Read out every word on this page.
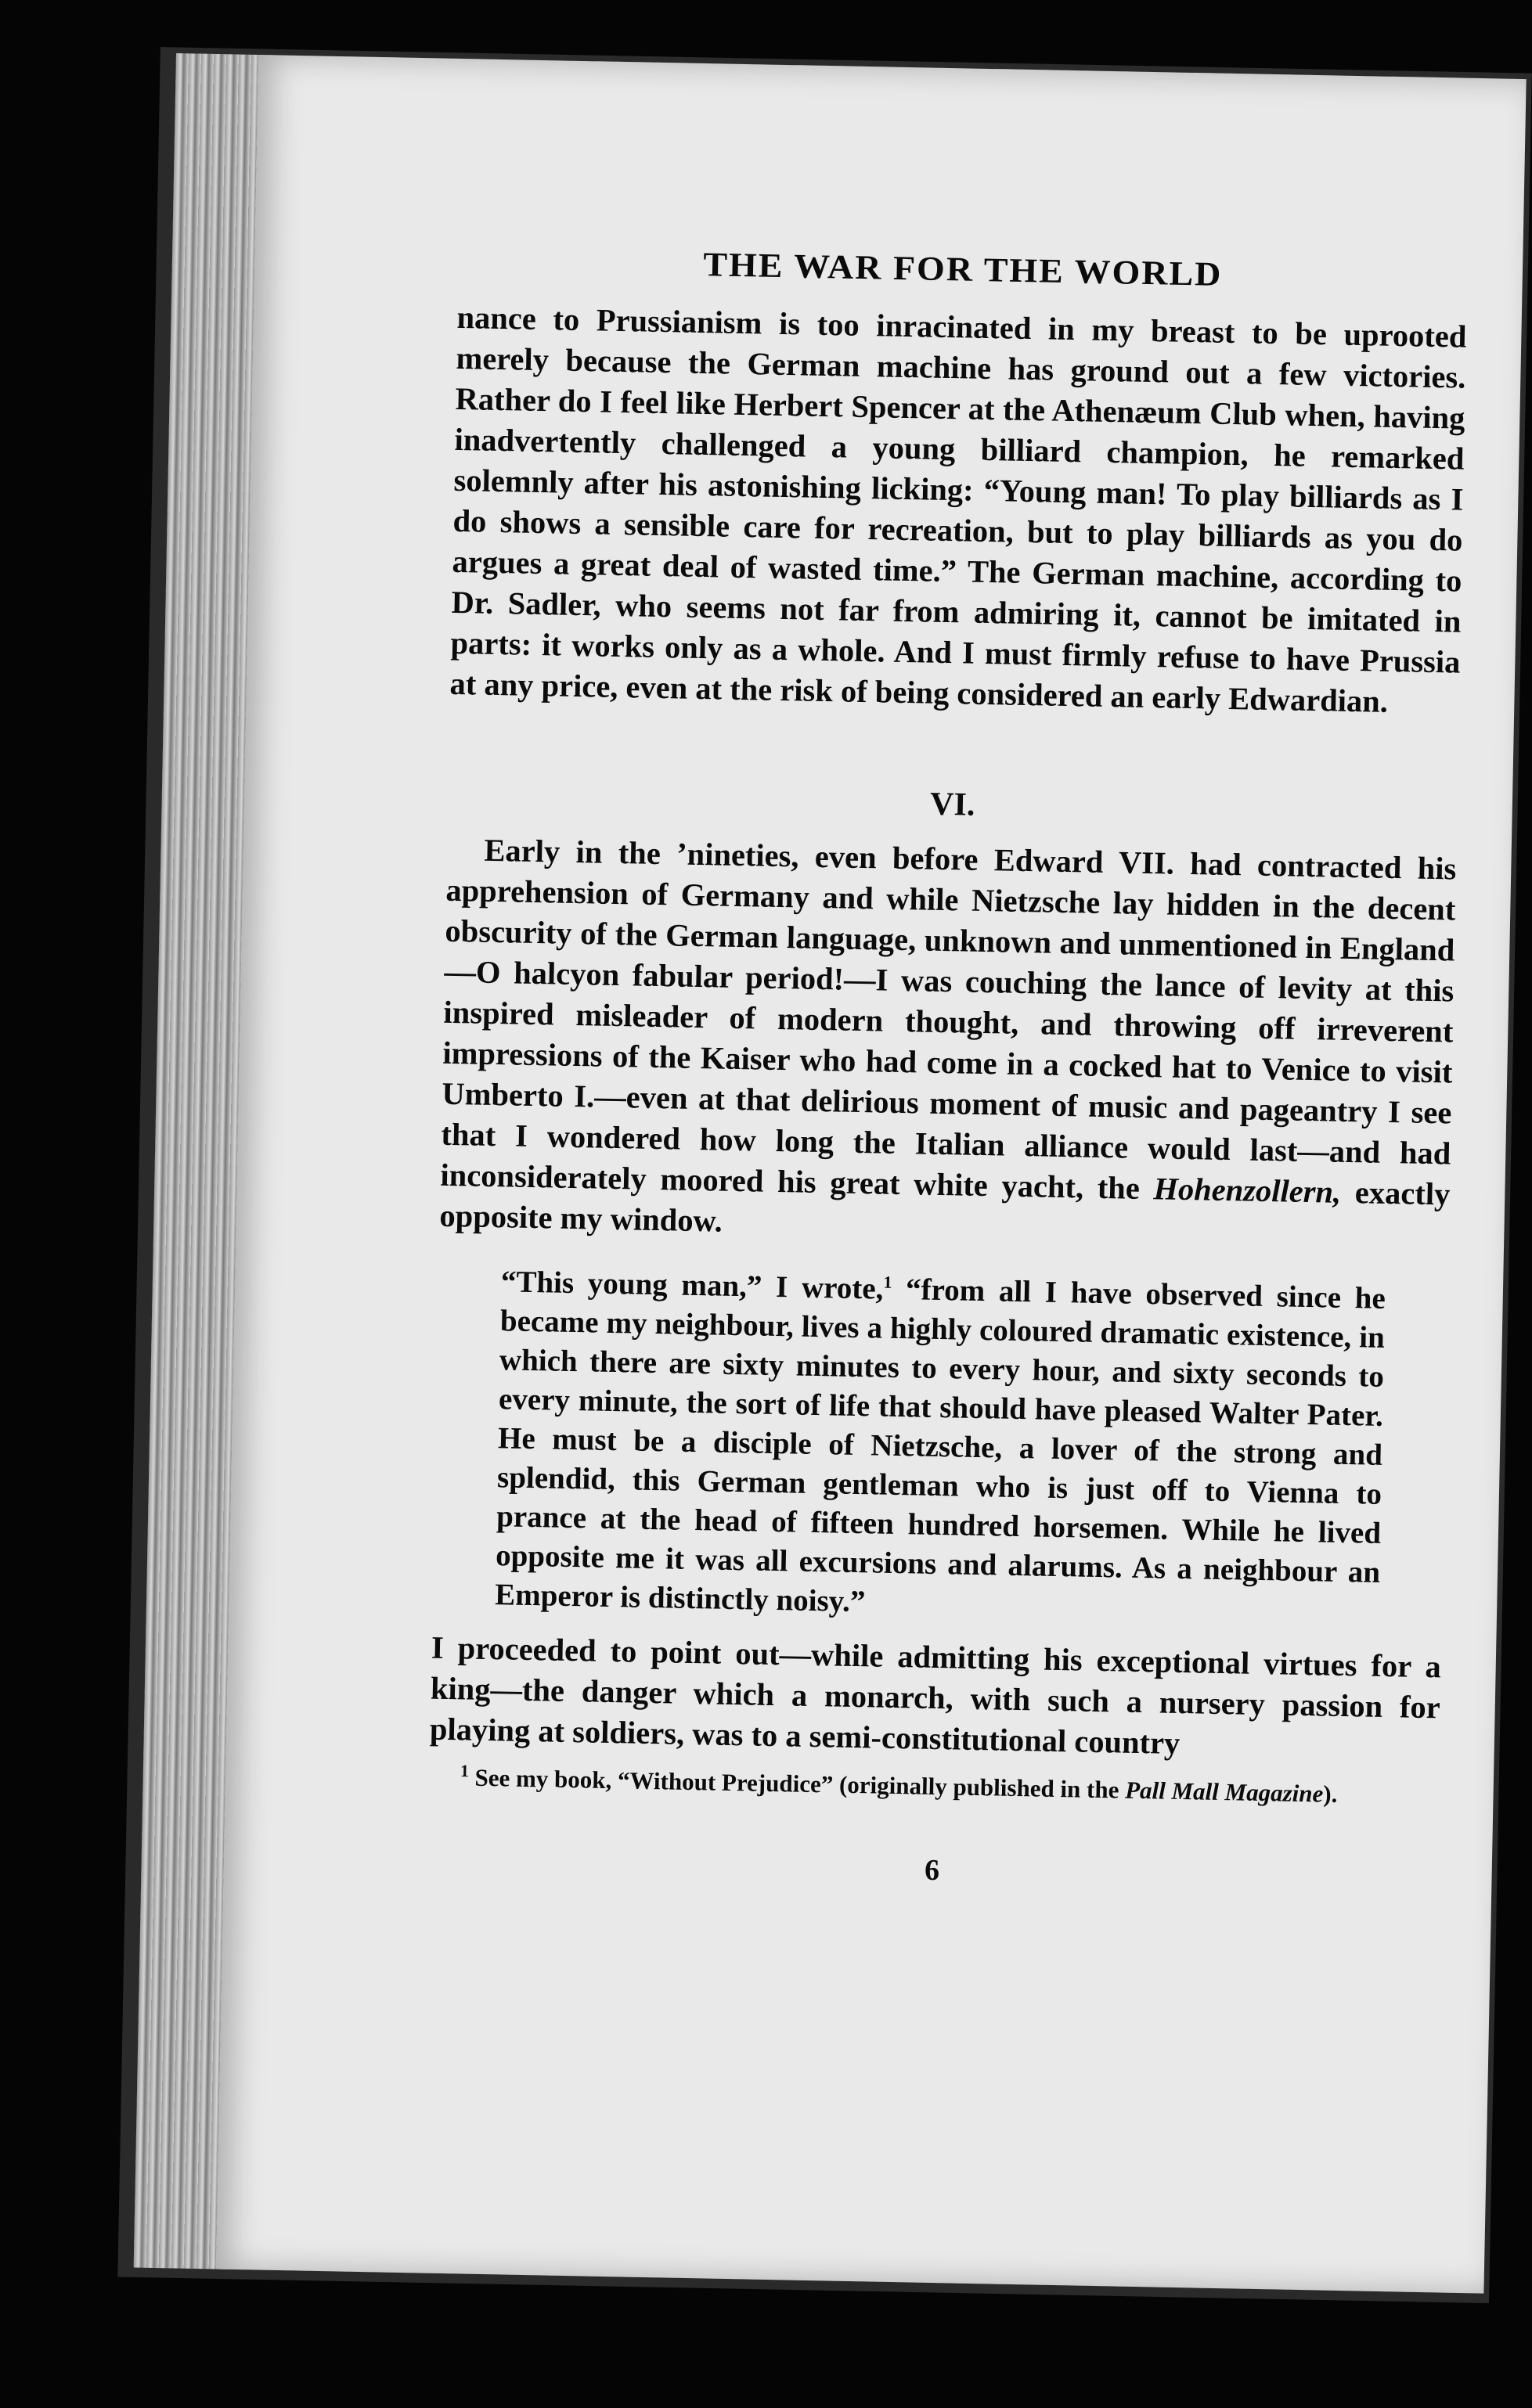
THE WAR FOR THE WORLD

nance to Prussianism is too inracinated in my breast to be uprooted merely because the German machine has ground out a few victories. Rather do I feel like Herbert Spencer at the Athenæum Club when, having inadvertently challenged a young billiard champion, he remarked solemnly after his astonishing licking: “Young man! To play billiards as I do shows a sensible care for recreation, but to play billiards as you do argues a great deal of wasted time.” The German machine, according to Dr. Sadler, who seems not far from admiring it, cannot be imitated in parts: it works only as a whole. And I must firmly refuse to have Prussia at any price, even at the risk of being considered an early Edwardian.

VI.

Early in the ’nineties, even before Edward VII. had contracted his apprehension of Germany and while Nietzsche lay hidden in the decent obscurity of the German language, unknown and unmentioned in England—O halcyon fabular period!—I was couching the lance of levity at this inspired misleader of modern thought, and throwing off irreverent impressions of the Kaiser who had come in a cocked hat to Venice to visit Umberto I.—even at that delirious moment of music and pageantry I see that I wondered how long the Italian alliance would last—and had inconsiderately moored his great white yacht, the Hohenzollern, exactly opposite my window.

“This young man,” I wrote,$^1$ “from all I have observed since he became my neighbour, lives a highly coloured dramatic existence, in which there are sixty minutes to every hour, and sixty seconds to every minute, the sort of life that should have pleased Walter Pater. He must be a disciple of Nietzsche, a lover of the strong and splendid, this German gentleman who is just off to Vienna to prance at the head of fifteen hundred horsemen. While he lived opposite me it was all excursions and alarums. As a neighbour an Emperor is distinctly noisy.”

I proceeded to point out—while admitting his exceptional virtues for a king—the danger which a monarch, with such a nursery passion for playing at soldiers, was to a semi-constitutional country

$^1$ See my book, “Without Prejudice” (originally published in the Pall Mall Magazine).

6
